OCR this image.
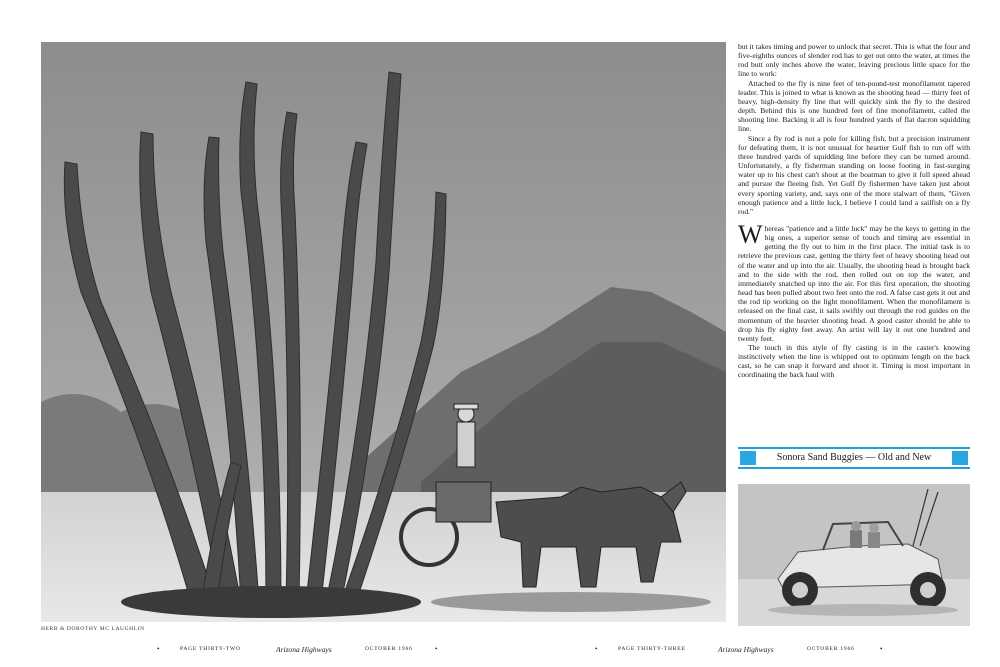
HERB & DOROTHY MC LAUGHLIN

but it takes timing and power to unlock that secret. This is what the four and five-eighths ounces of slender rod has to get out onto the water, at times the rod butt only inches above the water, leaving precious little space for the line to work:

Attached to the fly is nine feet of ten-pound-test monofilament tapered leader. This is joined to what is known as the shooting head — thirty feet of heavy, high-density fly line that will quickly sink the fly to the desired depth. Behind this is one hundred feet of fine monofilament, called the shooting line. Backing it all is four hundred yards of flat dacron squidding line.

Since a fly rod is not a pole for killing fish, but a precision instrument for defeating them, it is not unusual for heartier Gulf fish to run off with three hundred yards of squidding line before they can be turned around. Unfortunately, a fly fisherman standing on loose footing in fast-surging water up to his chest can't shout at the boatman to give it full speed ahead and pursue the fleeing fish. Yet Gulf fly fishermen have taken just about every sporting variety, and, says one of the more stalwart of them, "Given enough patience and a little luck, I believe I could land a sailfish on a fly rod."

Whereas "patience and a little luck" may be the keys to getting in the big ones, a superior sense of touch and timing are essential in getting the fly out to him in the first place. The initial task is to retrieve the previous cast, getting the thirty feet of heavy shooting head out of the water and up into the air. Usually, the shooting head is brought back and to the side with the rod, then rolled out on top the water, and immediately snatched up into the air. For this first operation, the shooting head has been pulled about two feet onto the rod. A false cast gets it out and the rod tip working on the light monofilament. When the monofilament is released on the final cast, it sails swiftly out through the rod guides on the momentum of the heavier shooting head. A good caster should be able to drop his fly eighty feet away. An artist will lay it out one hundred and twenty feet.

The touch in this style of fly casting is in the caster's knowing instinctively when the line is whipped out to optimum length on the back cast, so he can snap it forward and shoot it. Timing is most important in coordinating the back haul with

Sonora Sand Buggies — Old and New
•	PAGE THIRTY-TWO	Arizona Highways	OCTOBER 1966	•	•	PAGE THIRTY-THREE	Arizona Highways	OCTOBER 1966	•
